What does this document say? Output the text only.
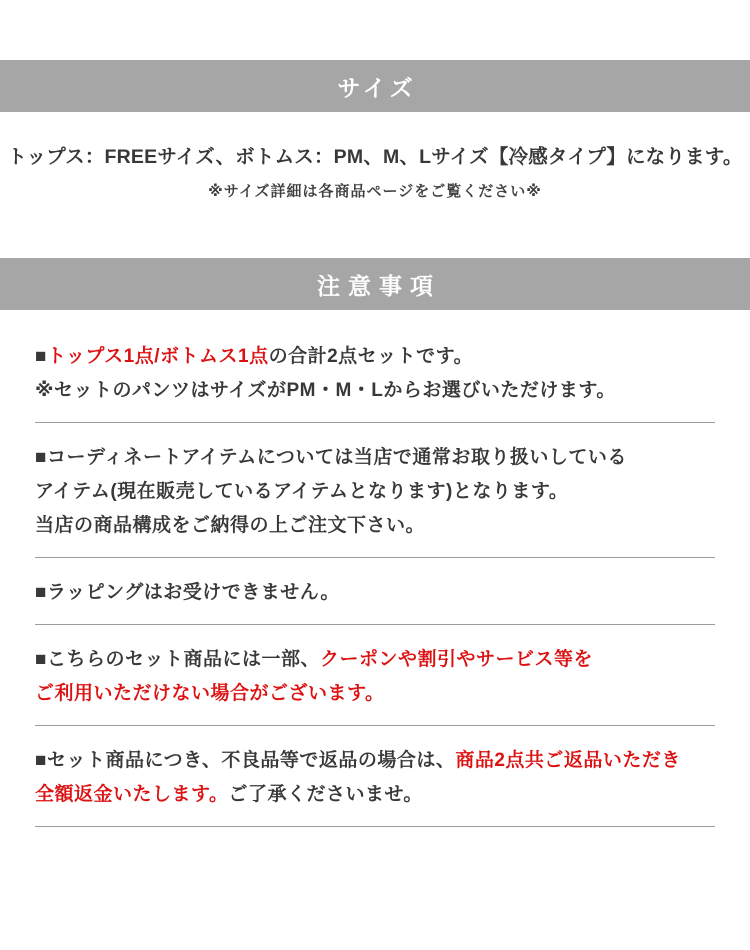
サイズ
トップス：FREEサイズ、ボトムス：PM、M、Lサイズ【冷感タイプ】になります。
※サイズ詳細は各商品ページをご覧ください※
注意事項
■トップス1点/ボトムス1点の合計2点セットです。
※セットのパンツはサイズがPM・M・Lからお選びいただけます。
■コーディネートアイテムについては当店で通常お取り扱いしている
アイテム(現在販売しているアイテムとなります)となります。
当店の商品構成をご納得の上ご注文下さい。
■ラッピングはお受けできません。
■こちらのセット商品には一部、クーポンや割引やサービス等を
ご利用いただけない場合がございます。
■セット商品につき、不良品等で返品の場合は、商品2点共ご返品いただき
全額返金いたします。ご了承くださいませ。
